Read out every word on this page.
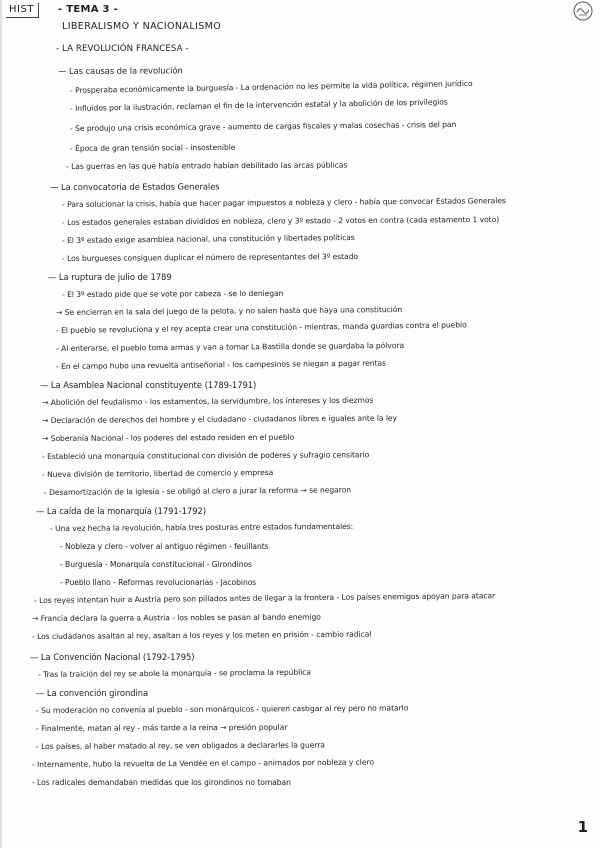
HIST	- TEMA 3 -
LIBERALISMO Y NACIONALISMO
- LA REVOLUCIÓN FRANCESA -
— Las causas de la revolución
- Prosperaba económicamente la burguesía - La ordenación no les permite la vida política, régimen jurídico
- Influidos por la ilustración, reclaman el fin de la intervención estatal y la abolición de los privilegios
- Se produjo una crisis económica grave - aumento de cargas fiscales y malas cosechas - crisis del pan
- Época de gran tensión social - insostenible
- Las guerras en las que había entrado habían debilitado las arcas públicas
— La convocatoria de Estados Generales
- Para solucionar la crisis, había que hacer pagar impuestos a nobleza y clero - había que convocar Estados Generales
- Los estados generales estaban divididos en nobleza, clero y 3º estado - 2 votos en contra (cada estamento 1 voto)
- El 3º estado exige asamblea nacional, una constitución y libertades políticas
- Los burgueses consiguen duplicar el número de representantes del 3º estado
— La ruptura de julio de 1789
- El 3º estado pide que se vote por cabeza - se lo deniegan
→ Se encierran en la sala del juego de la pelota, y no salen hasta que haya una constitución
- El pueblo se revoluciona y el rey acepta crear una constitución - mientras, manda guardias contra el pueblo
- Al enterarse, el pueblo toma armas y van a tomar La Bastilla donde se guardaba la pólvora
- En el campo hubo una revuelta antiseñorial - los campesinos se niegan a pagar rentas
— La Asamblea Nacional constituyente (1789-1791)
→ Abolición del feudalismo - los estamentos, la servidumbre, los íntereses y los diezmos
→ Declaración de derechos del hombre y el ciudadano - ciudadanos libres e iguales ante la ley
→ Soberanía Nacional - los poderes del estado residen en el pueblo
- Estableció una monarquía constitucional con división de poderes y sufragio censitario
- Nueva división de territorio, libertad de comercio y empresa
- Desamortización de la iglesia - se obligó al clero a jurar la reforma → se negaron
— La caída de la monarquía (1791-1792)
- Una vez hecha la revolución, había tres posturas entre estados fundamentales:
- Nobleza y clero - volver al antiguo régimen - feuillants
- Burguesía - Monarquía constitucional - Girondinos
- Pueblo llano - Reformas revolucionarias - Jacobinos
- Los reyes intentan huir a Austria pero son pillados antes de llegar a la frontera - Los países enemigos apoyan para atacar
→ Francia declara la guerra a Austria - los nobles se pasan al bando enemigo
- Los ciudadanos asaltan al rey, asaltan a los reyes y los meten en prisión - cambio radical
— La Convención Nacional (1792-1795)
- Tras la traición del rey se abole la monarquía - se proclama la república
— La convención girondina
- Su moderación no convenía al pueblo - son monárquicos - quieren castigar al rey pero no matarlo
- Finalmente, matan al rey - más tarde a la reina → presión popular
- Los países, al haber matado al rey, se ven obligados a declararles la guerra
- Internamente, hubo la revuelta de La Vendée en el campo - animados por nobleza y clero
- Los radicales demandaban medidas que los girondinos no tomaban
1
